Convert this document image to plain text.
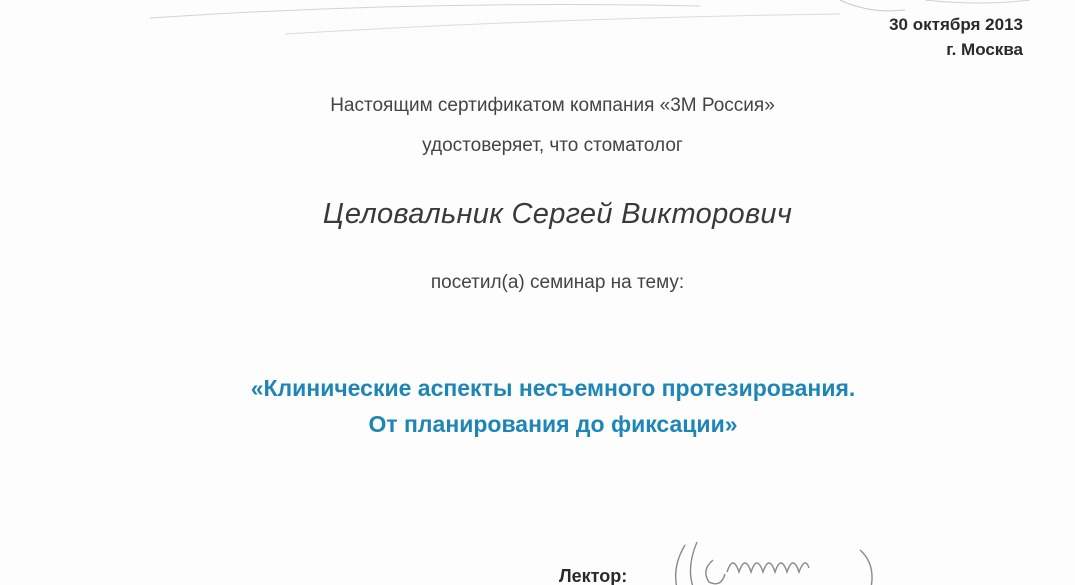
30 октября 2013
г. Москва
Настоящим сертификатом компания «3М Россия»
удостоверяет, что стоматолог
Целовальник Сергей Викторович
посетил(а) семинар на тему:
«Клинические аспекты несъемного протезирования.
От планирования до фиксации»
Лектор:
